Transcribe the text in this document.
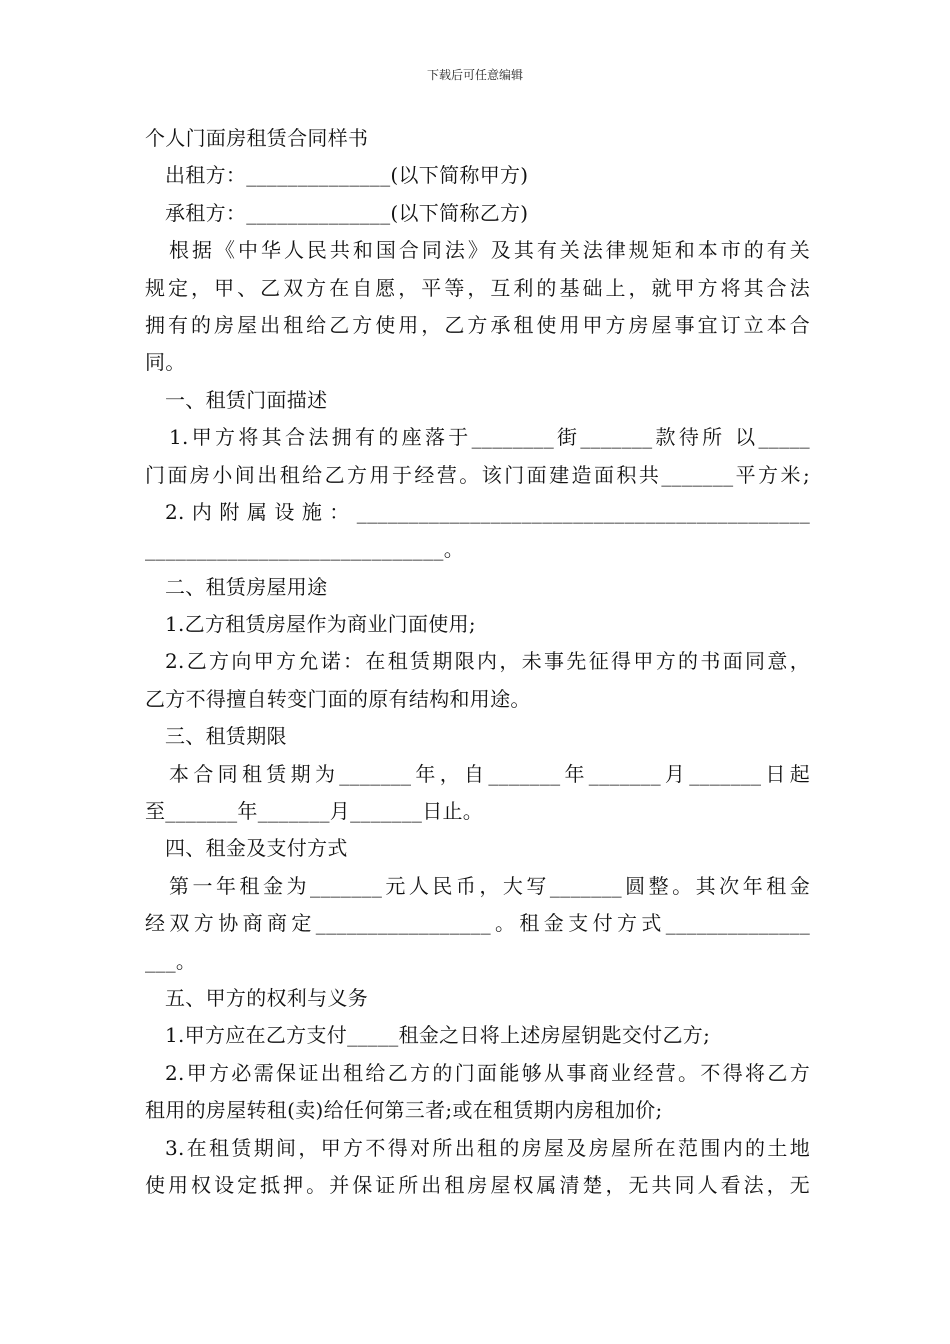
下载后可任意编辑
个人门面房租赁合同样书
出租方：______________(以下简称甲方)
承租方：______________(以下简称乙方)
根据《中华人民共和国合同法》及其有关法律规矩和本市的有关
规定，甲、乙双方在自愿，平等，互利的基础上，就甲方将其合法
拥有的房屋出租给乙方使用，乙方承租使用甲方房屋事宜订立本合
同。
一、租赁门面描述
1.甲方将其合法拥有的座落于________街_______款待所 以_____
门面房小间出租给乙方用于经营。该门面建造面积共_______平方米;
2.内附属设施：____________________________________________
_____________________________。
二、租赁房屋用途
1.乙方租赁房屋作为商业门面使用;
2.乙方向甲方允诺：在租赁期限内，未事先征得甲方的书面同意，
乙方不得擅自转变门面的原有结构和用途。
三、租赁期限
本合同租赁期为_______年，自_______年_______月_______日起
至_______年_______月_______日止。
四、租金及支付方式
第一年租金为_______元人民币，大写_______圆整。其次年租金
经双方协商商定_________________。租金支付方式______________
___。
五、甲方的权利与义务
1.甲方应在乙方支付_____租金之日将上述房屋钥匙交付乙方;
2.甲方必需保证出租给乙方的门面能够从事商业经营。不得将乙方
租用的房屋转租(卖)给任何第三者;或在租赁期内房租加价;
3.在租赁期间，甲方不得对所出租的房屋及房屋所在范围内的土地
使用权设定抵押。并保证所出租房屋权属清楚，无共同人看法，无
